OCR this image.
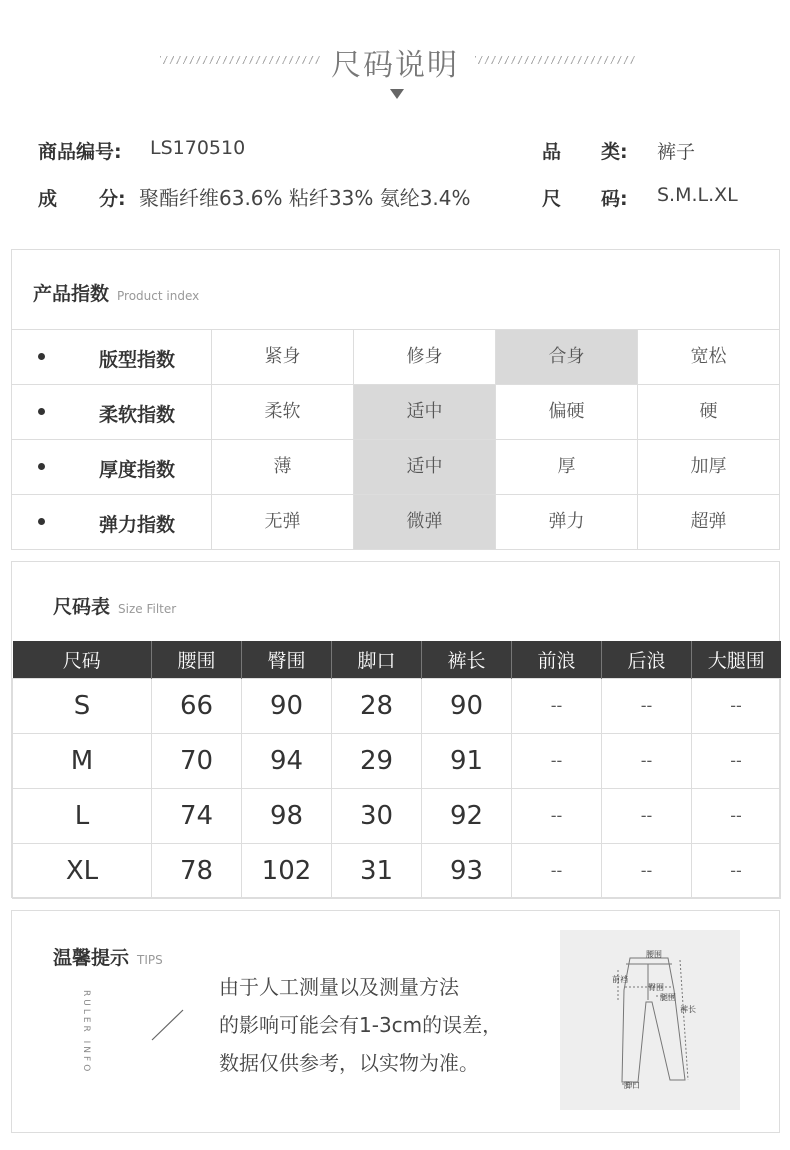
尺码说明
商品编号: LS170510	品 类: 裤子
成 分: 聚酯纤维63.6% 粘纤33% 氨纶3.4%	尺 码: S.M.L.XL
产品指数 Product index
版型指数	紧身	修身	合身	宽松
柔软指数	柔软	适中	偏硬	硬
厚度指数	薄	适中	厚	加厚
弹力指数	无弹	微弹	弹力	超弹
尺码表 Size Filter
尺码	腰围	臀围	脚口	裤长	前浪	后浪	大腿围
S	66	90	28	90	--	--	--
M	70	94	29	91	--	--	--
L	74	98	30	92	--	--	--
XL	78	102	31	93	--	--	--
温馨提示 TIPS
RULER INFO
由于人工测量以及测量方法
的影响可能会有1-3cm的误差，
数据仅供参考，以实物为准。
腰围
前裆
臀围
腿围
裤长
脚口
